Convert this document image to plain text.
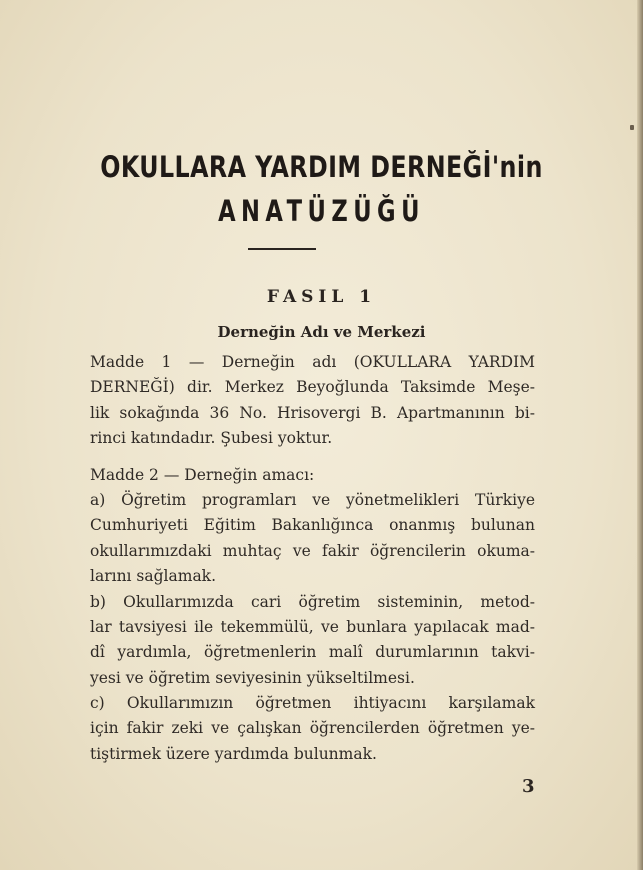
OKULLARA YARDIM DERNEĞİ'nin
ANATÜZÜĞÜ
FASIL 1
Derneğin Adı ve Merkezi
Madde 1 — Derneğin adı (OKULLARA YARDIM
DERNEĞİ) dir. Merkez Beyoğlunda Taksimde Meşe-
lik sokağında 36 No. Hrisovergi B. Apartmanının bi-
rinci katındadır. Şubesi yoktur.
Madde 2 — Derneğin amacı:
a) Öğretim programları ve yönetmelikleri Türkiye
Cumhuriyeti Eğitim Bakanlığınca onanmış bulunan
okullarımızdaki muhtaç ve fakir öğrencilerin okuma-
larını sağlamak.
b) Okullarımızda cari öğretim sisteminin, metod-
lar tavsiyesi ile tekemmülü, ve bunlara yapılacak mad-
dî yardımla, öğretmenlerin malî durumlarının takvi-
yesi ve öğretim seviyesinin yükseltilmesi.
c) Okullarımızın öğretmen ihtiyacını karşılamak
için fakir zeki ve çalışkan öğrencilerden öğretmen ye-
tiştirmek üzere yardımda bulunmak.
3
